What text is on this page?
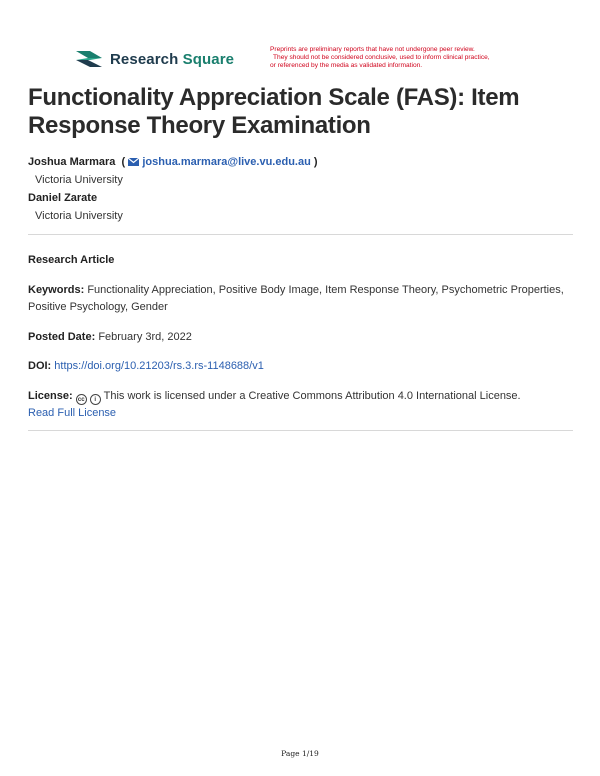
Research Square
Preprints are preliminary reports that have not undergone peer review.
They should not be considered conclusive, used to inform clinical practice,
or referenced by the media as validated information.
Functionality Appreciation Scale (FAS): Item Response Theory Examination
Joshua Marmara  ( joshua.marmara@live.vu.edu.au )
Victoria University
Daniel Zarate
Victoria University
Research Article
Keywords: Functionality Appreciation, Positive Body Image, Item Response Theory, Psychometric Properties, Positive Psychology, Gender
Posted Date: February 3rd, 2022
DOI: https://doi.org/10.21203/rs.3.rs-1148688/v1
License: cc i This work is licensed under a Creative Commons Attribution 4.0 International License.
Read Full License
Page 1/19
